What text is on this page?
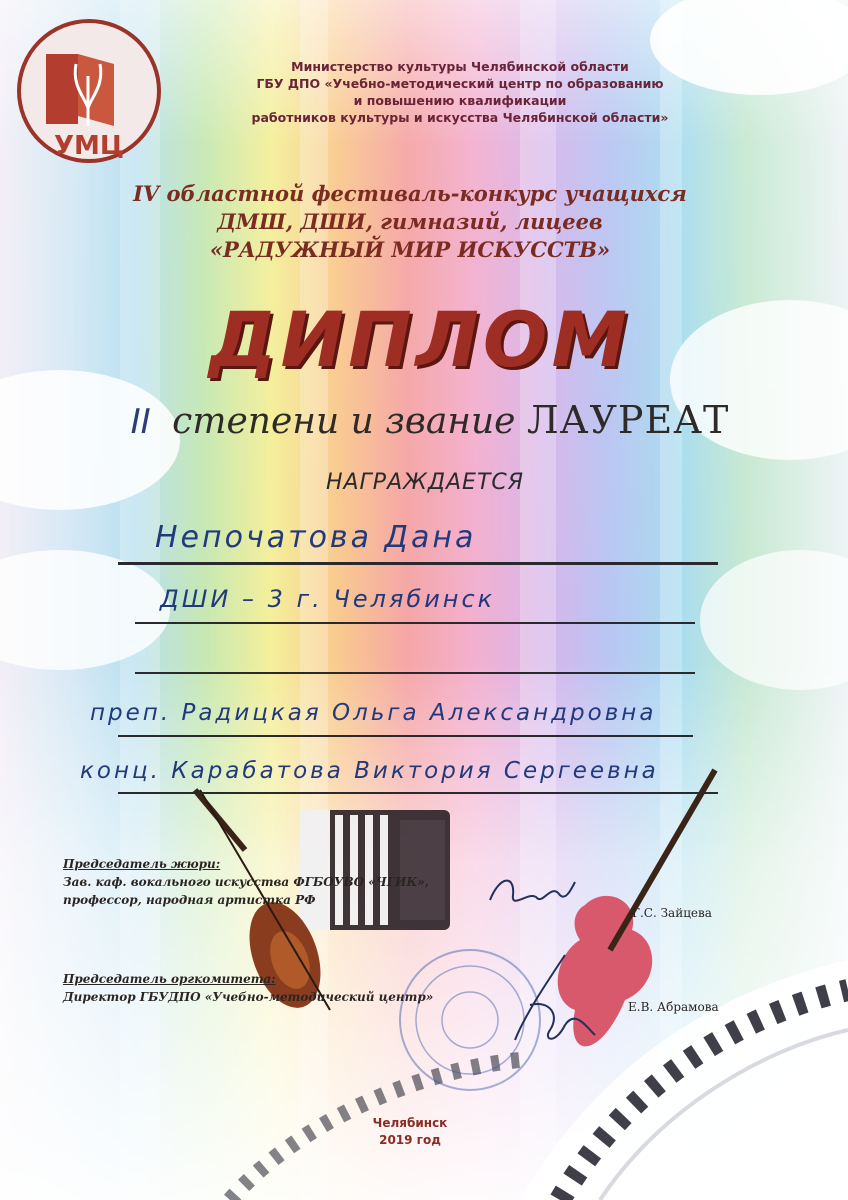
УМЦ
Министерство культуры Челябинской области
ГБУ ДПО «Учебно-методический центр по образованию
и повышению квалификации
работников культуры и искусства Челябинской области»
IV областной фестиваль-конкурс учащихся
ДМШ, ДШИ, гимназий, лицеев
«РАДУЖНЫЙ МИР ИСКУССТВ»
ДИПЛОМ
II степени и звание ЛАУРЕАТ
НАГРАЖДАЕТСЯ
Непочатова Дана
ДШИ – 3 г. Челябинск
преп. Радицкая Ольга Александровна
конц. Карабатова Виктория Сергеевна
Председатель жюри:
Зав. каф. вокального искусства ФГБОУВО «ЧГИК»,
профессор, народная артистка РФ
Г.С. Зайцева
Председатель оргкомитета:
Директор ГБУДПО «Учебно-методический центр»
Е.В. Абрамова
Челябинск
2019 год
